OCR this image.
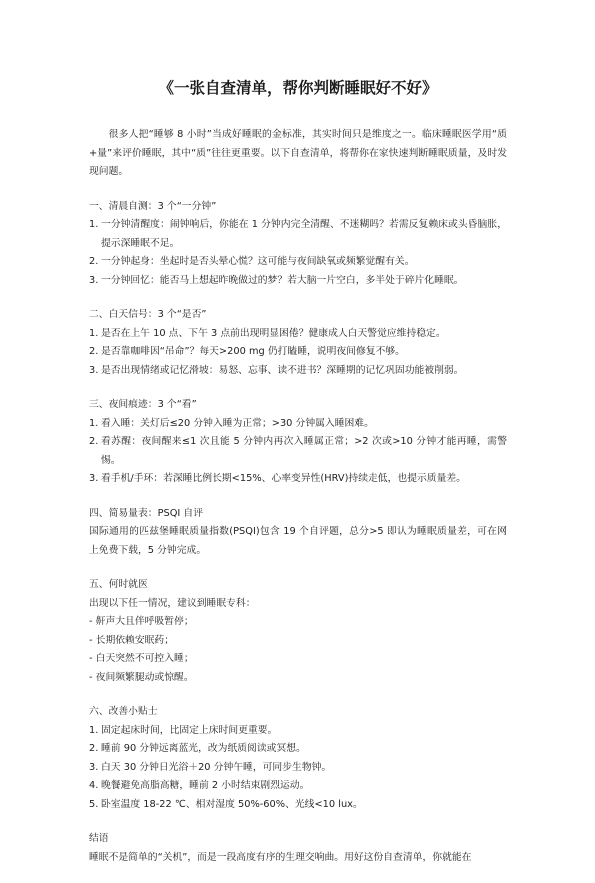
《一张自查清单，帮你判断睡眠好不好》

很多人把“睡够 8 小时”当成好睡眠的金标准，其实时间只是维度之一。临床睡眠医学用“质+量”来评价睡眠，其中“质”往往更重要。以下自查清单，将帮你在家快速判断睡眠质量，及时发现问题。

一、清晨自测：3 个“一分钟”

1. 一分钟清醒度：闹钟响后，你能在 1 分钟内完全清醒、不迷糊吗？若需反复赖床或头昏脑胀，提示深睡眠不足。
2. 一分钟起身：坐起时是否头晕心慌？这可能与夜间缺氧或频繁觉醒有关。
3. 一分钟回忆：能否马上想起昨晚做过的梦？若大脑一片空白，多半处于碎片化睡眠。

二、白天信号：3 个“是否”

1. 是否在上午 10 点、下午 3 点前出现明显困倦？健康成人白天警觉应维持稳定。
2. 是否靠咖啡因“吊命”？每天>200 mg 仍打瞌睡，说明夜间修复不够。
3. 是否出现情绪或记忆滑坡：易怒、忘事、读不进书？深睡期的记忆巩固功能被削弱。

三、夜间痕迹：3 个“看”

1. 看入睡：关灯后≤20 分钟入睡为正常；>30 分钟属入睡困难。
2. 看苏醒：夜间醒来≤1 次且能 5 分钟内再次入睡属正常；>2 次或>10 分钟才能再睡，需警惕。
3. 看手机/手环：若深睡比例长期<15%、心率变异性(HRV)持续走低，也提示质量差。

四、简易量表：PSQI 自评

国际通用的匹兹堡睡眠质量指数(PSQI)包含 19 个自评题，总分>5 即认为睡眠质量差，可在网上免费下载，5 分钟完成。

五、何时就医

出现以下任一情况，建议到睡眠专科：

- 鼾声大且伴呼吸暂停；

- 长期依赖安眠药；

- 白天突然不可控入睡；

- 夜间频繁腿动或惊醒。

六、改善小贴士

1. 固定起床时间，比固定上床时间更重要。
2. 睡前 90 分钟远离蓝光，改为纸质阅读或冥想。
3. 白天 30 分钟日光浴＋20 分钟午睡，可同步生物钟。
4. 晚餐避免高脂高糖，睡前 2 小时结束剧烈运动。
5. 卧室温度 18-22 ℃、相对湿度 50%-60%、光线<10 lux。

结语

睡眠不是简单的“关机”，而是一段高度有序的生理交响曲。用好这份自查清单，你就能在
